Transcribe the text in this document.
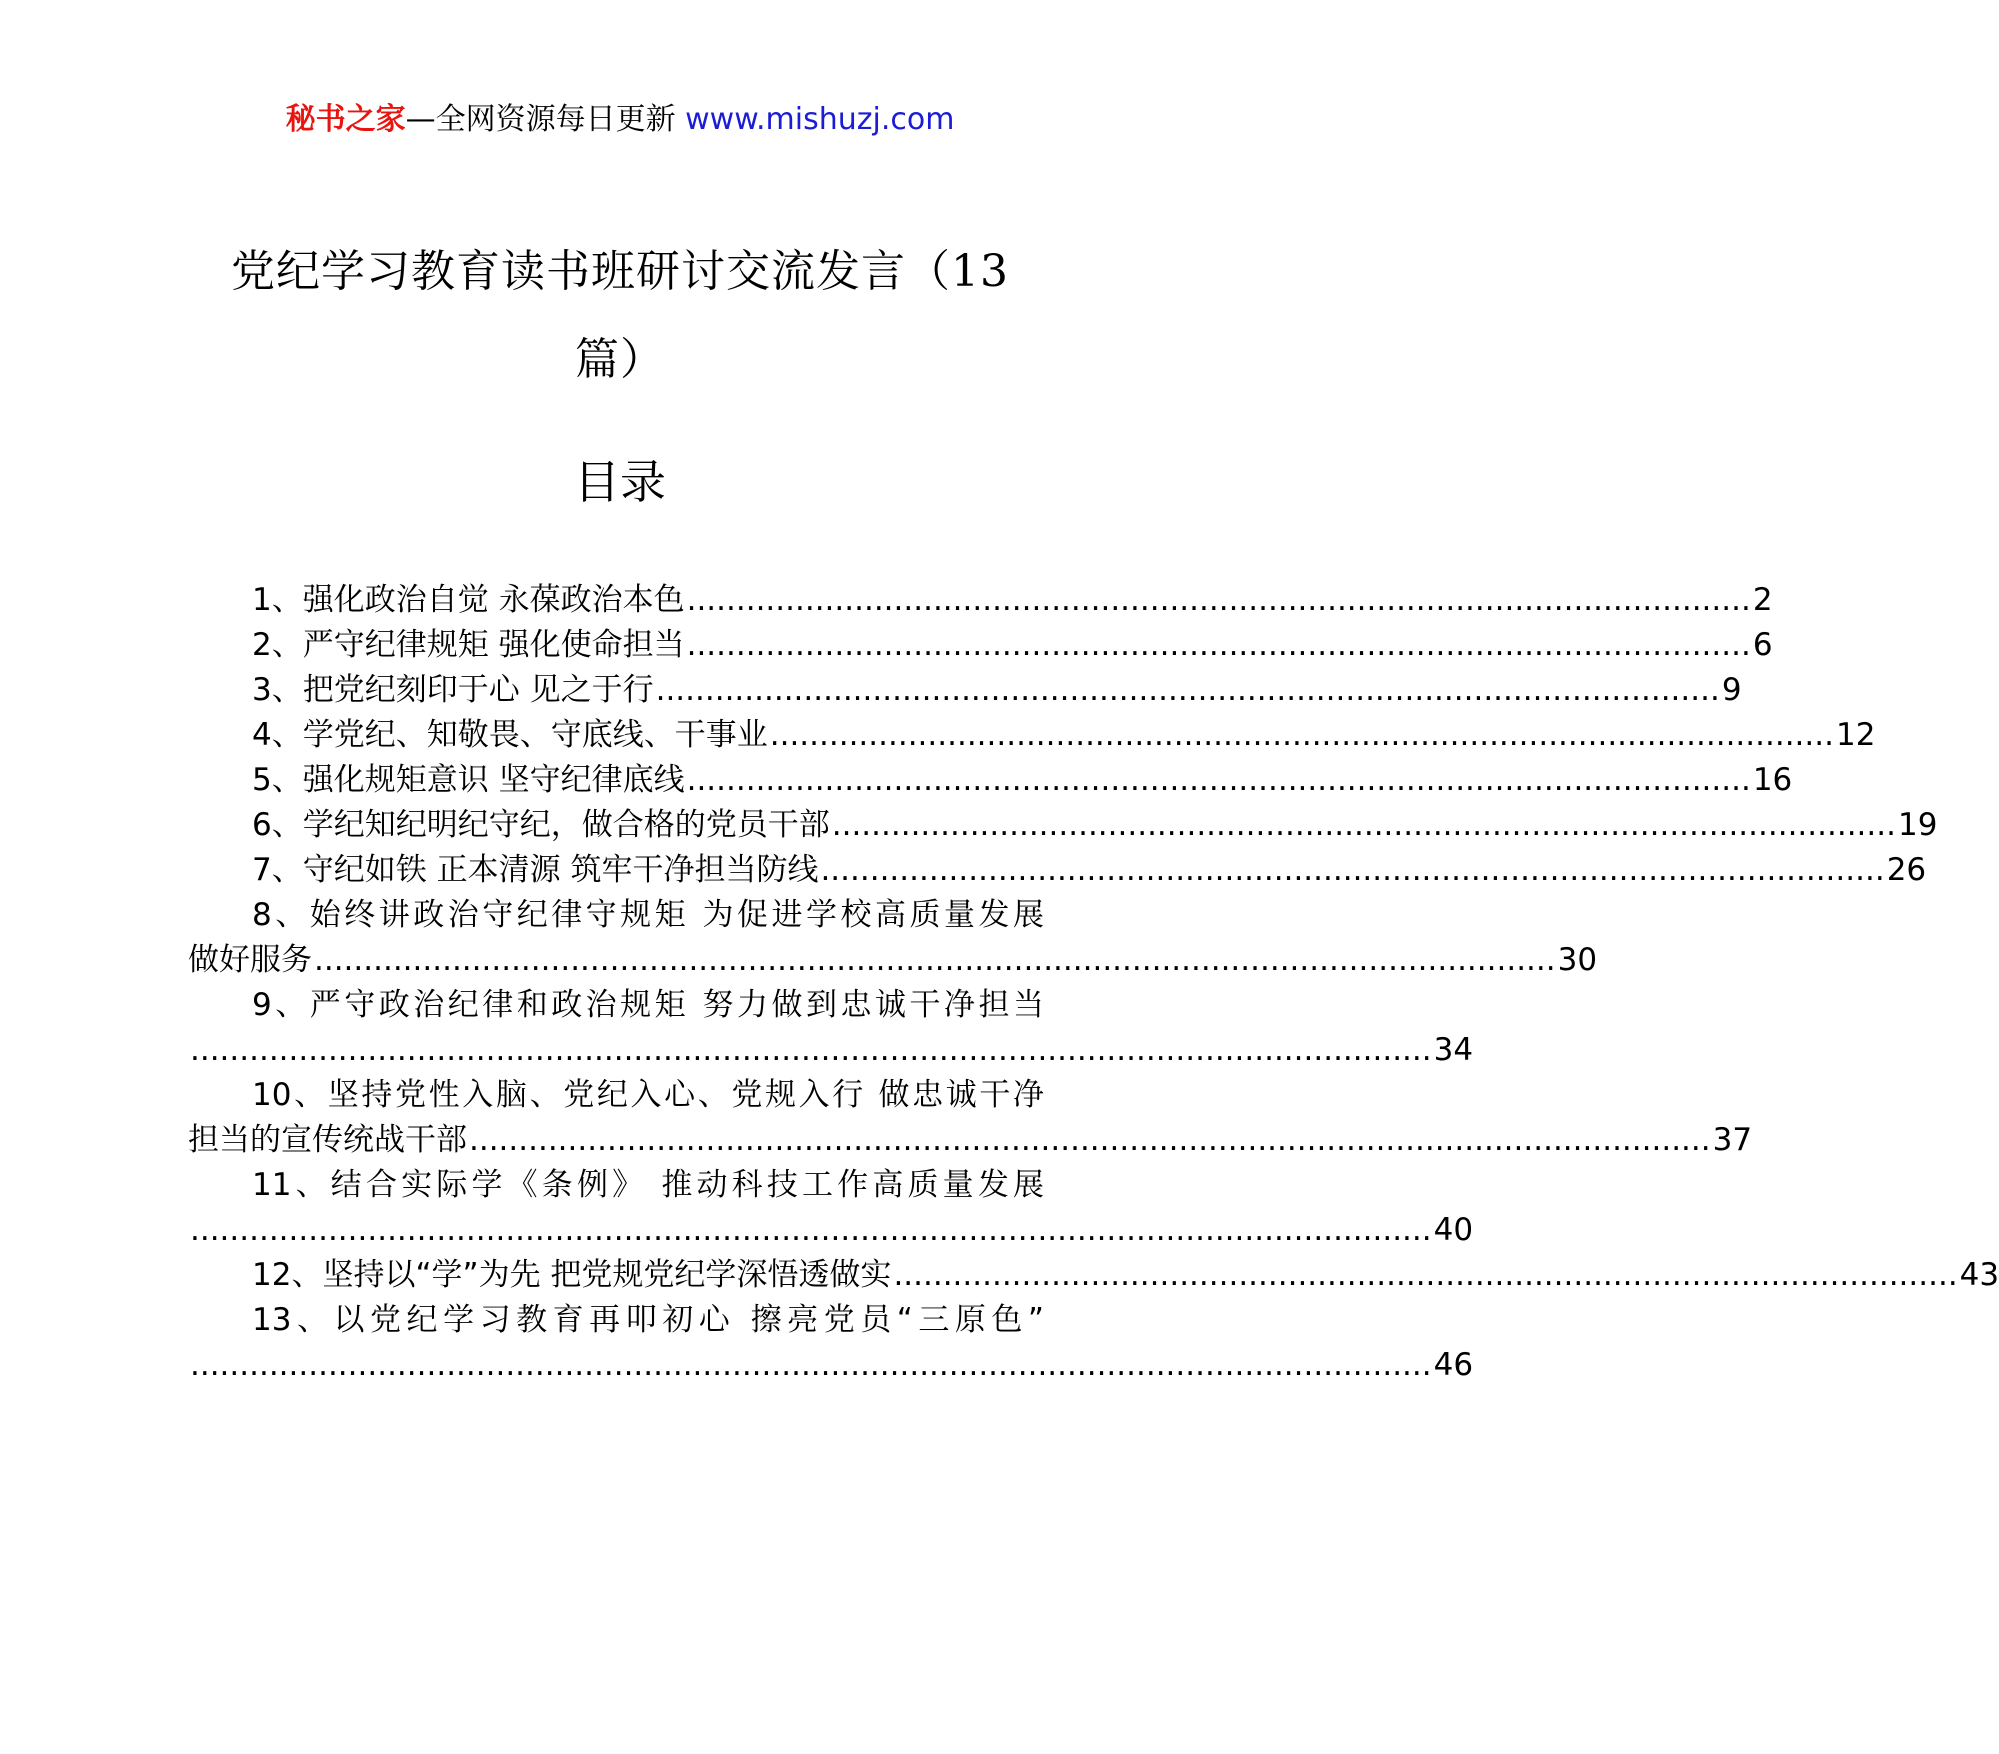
秘书之家—全网资源每日更新 www.mishuzj.com
党纪学习教育读书班研讨交流发言（13篇）
目录
1、 强化政治自觉 永葆政治本色 ............................................................................................................ 2
2、 严守纪律规矩 强化使命担当 ............................................................................................................ 6
3、 把党纪刻印于心 见之于行 ............................................................................................................ 9
4、 学党纪、知敬畏、守底线、干事业 ............................................................................................................ 12
5、 强化规矩意识 坚守纪律底线 ............................................................................................................ 16
6、 学纪知纪明纪守纪，做合格的党员干部 ............................................................................................................ 19
7、 守纪如铁 正本清源 筑牢干净担当防线 ............................................................................................................ 26
8、始终讲政治守纪律守规矩 为促进学校高质量发展
做好服务 .............................................................................................................................. 30
9、严守政治纪律和政治规矩 努力做到忠诚干净担当
.............................................................................................................................. 34
10、坚持党性入脑、党纪入心、党规入行 做忠诚干净
担当的宣传统战干部 .............................................................................................................................. 37
11、结合实际学《条例》 推动科技工作高质量发展
.............................................................................................................................. 40
12、 坚持以“学”为先 把党规党纪学深悟透做实 ............................................................................................................ 43
13、以党纪学习教育再叩初心 擦亮党员“三原色”
.............................................................................................................................. 46
